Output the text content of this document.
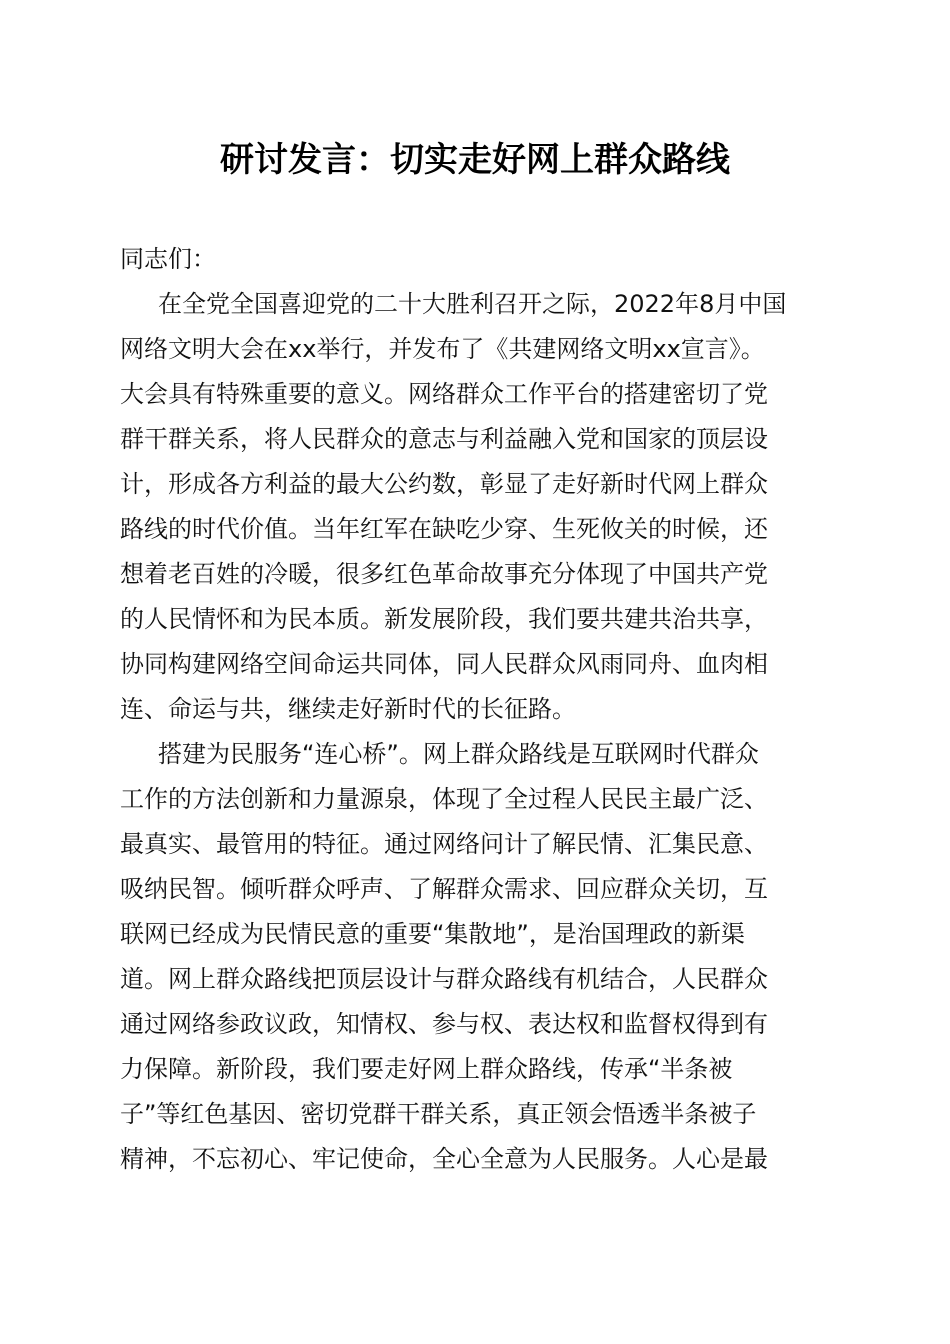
研讨发言：切实走好网上群众路线
同志们：
在全党全国喜迎党的二十大胜利召开之际，2022年8月中国
网络文明大会在xx举行，并发布了《共建网络文明xx宣言》。
大会具有特殊重要的意义。网络群众工作平台的搭建密切了党
群干群关系，将人民群众的意志与利益融入党和国家的顶层设
计，形成各方利益的最大公约数，彰显了走好新时代网上群众
路线的时代价值。当年红军在缺吃少穿、生死攸关的时候，还
想着老百姓的冷暖，很多红色革命故事充分体现了中国共产党
的人民情怀和为民本质。新发展阶段，我们要共建共治共享，
协同构建网络空间命运共同体，同人民群众风雨同舟、血肉相
连、命运与共，继续走好新时代的长征路。
搭建为民服务“连心桥”。网上群众路线是互联网时代群众
工作的方法创新和力量源泉，体现了全过程人民民主最广泛、
最真实、最管用的特征。通过网络问计了解民情、汇集民意、
吸纳民智。倾听群众呼声、了解群众需求、回应群众关切，互
联网已经成为民情民意的重要“集散地”，是治国理政的新渠
道。网上群众路线把顶层设计与群众路线有机结合，人民群众
通过网络参政议政，知情权、参与权、表达权和监督权得到有
力保障。新阶段，我们要走好网上群众路线，传承“半条被
子”等红色基因、密切党群干群关系，真正领会悟透半条被子
精神，不忘初心、牢记使命，全心全意为人民服务。人心是最
